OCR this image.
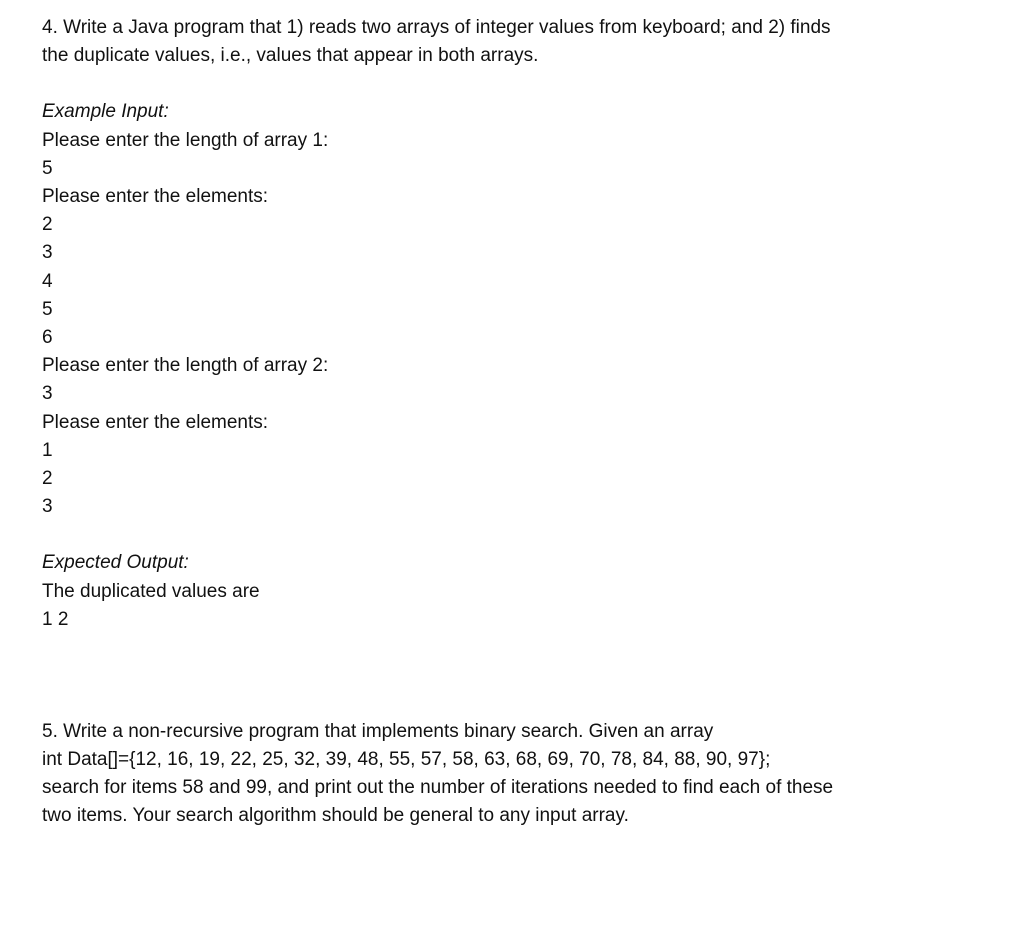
4. Write a Java program that 1) reads two arrays of integer values from keyboard; and 2) finds
the duplicate values, i.e., values that appear in both arrays.
Example Input:
Please enter the length of array 1:
5
Please enter the elements:
2
3
4
5
6
Please enter the length of array 2:
3
Please enter the elements:
1
2
3
Expected Output:
The duplicated values are
1 2
5. Write a non-recursive program that implements binary search. Given an array
int Data[]={12, 16, 19, 22, 25, 32, 39, 48, 55, 57, 58, 63, 68, 69, 70, 78, 84, 88, 90, 97};
search for items 58 and 99, and print out the number of iterations needed to find each of these
two items. Your search algorithm should be general to any input array.
